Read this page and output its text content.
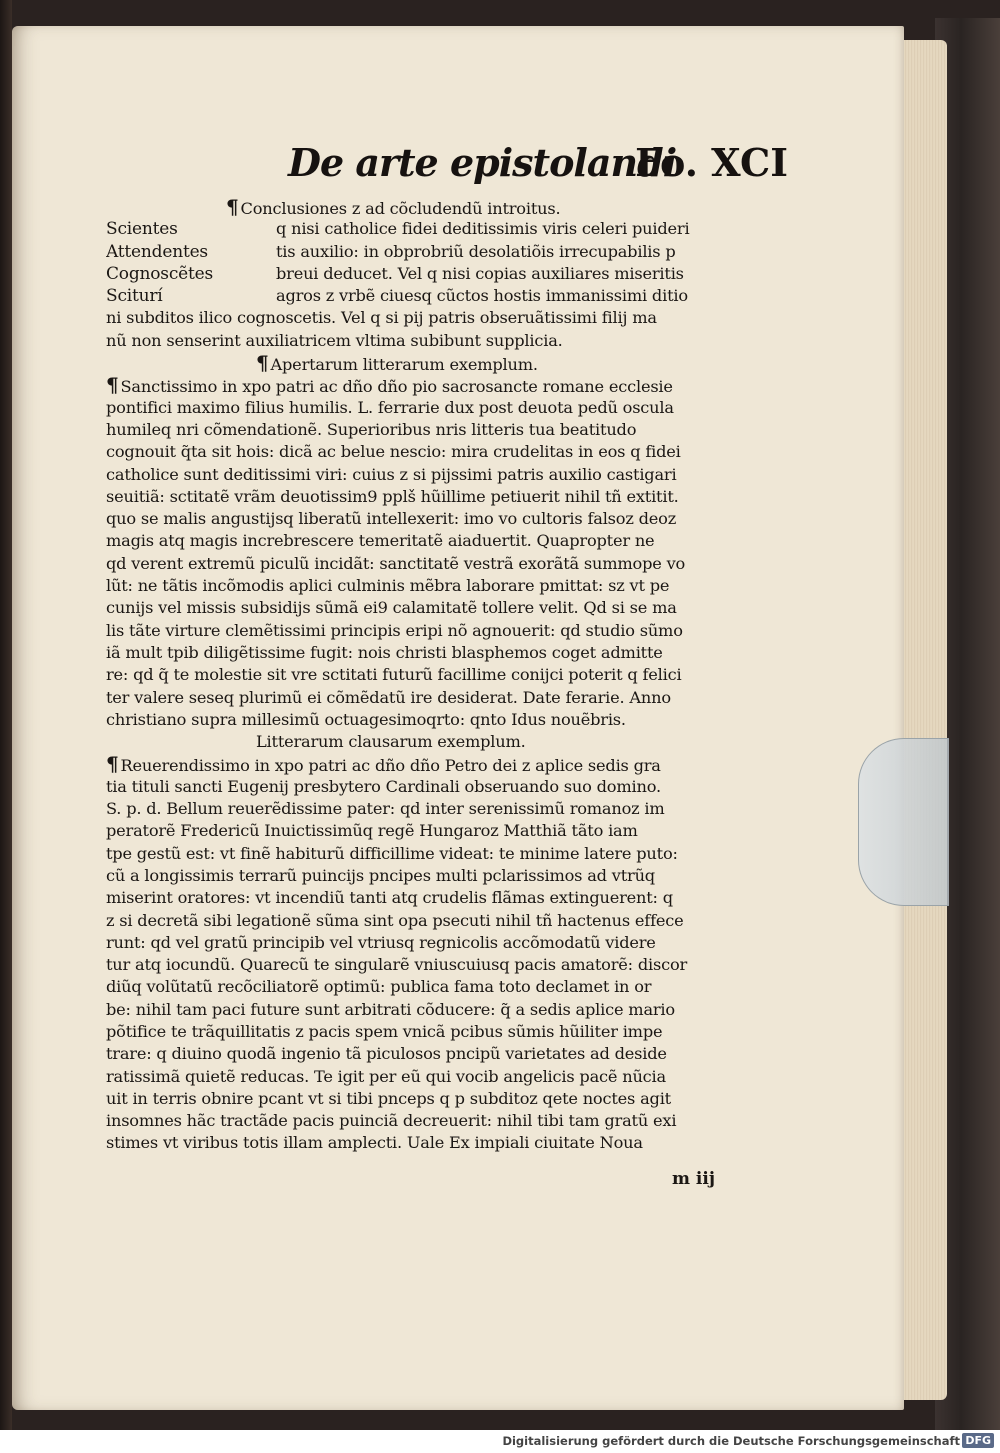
De arte epistolandi
Fo. XCI
¶ Conclusiones z ad cõcludendũ introitus.
Scientes	q nisi catholice fidei deditissimis viris celeri puideri
Attendentes	tis auxilio: in obprobriũ desolatiõis irrecupabilis p
Cognoscẽtes	breui deducet. Vel q nisi copias auxiliares miseritis
Sciturí	agros z vrbẽ ciuesq cũctos hostis immanissimi ditio
ni subditos ilico cognoscetis. Vel q si pij patris obseruãtissimi filij ma
nũ non senserint auxiliatricem vltima subibunt supplicia.
¶ Apertarum litterarum exemplum.
¶ Sanctissimo in xpo patri ac dño dño pio sacrosancte romane ecclesie
pontifici maximo filius humilis. L. ferrarie dux post deuota pedũ oscula
humileq nri cõmendationẽ. Superioribus nris litteris tua beatitudo
cognouit q̃ta sit hois: dicã ac belue nescio: mira crudelitas in eos q fidei
catholice sunt deditissimi viri: cuius z si pijssimi patris auxilio castigari
seuitiã: sctitatẽ vrãm deuotissim9 pplš hũillime petiuerit nihil tñ extitit.
quo se malis angustijsq liberatũ intellexerit: imo vo cultoris falsoz deoz
magis atq magis increbrescere temeritatẽ aiaduertit. Quapropter ne
qd verent extremũ piculũ incidãt: sanctitatẽ vestrã exorãtã summope vo
lũt: ne tãtis incõmodis aplici culminis mẽbra laborare pmittat: sz vt pe
cunijs vel missis subsidijs sũmã ei9 calamitatẽ tollere velit. Qd si se ma
lis tãte virture clemẽtissimi principis eripi nõ agnouerit: qd studio sũmo
iã mult tpib diligẽtissime fugit: nois christi blasphemos coget admitte
re: qd q̃ te molestie sit vre sctitati futurũ facillime conijci poterit q felici
ter valere seseq plurimũ ei cõmẽdatũ ire desiderat. Date ferarie. Anno
christiano supra millesimũ octuagesimoqrto: qnto Idus nouẽbris.
Litterarum clausarum exemplum.
¶ Reuerendissimo in xpo patri ac dño dño Petro dei z aplice sedis gra
tia tituli sancti Eugenij presbytero Cardinali obseruando suo domino.
S. p. d. Bellum reuerẽdissime pater: qd inter serenissimũ romanoz im
peratorẽ Fredericũ Inuictissimũq regẽ Hungaroz Matthiã tãto iam
tpe gestũ est: vt finẽ habiturũ difficillime videat: te minime latere puto:
cũ a longissimis terrarũ puincijs pncipes multi pclarissimos ad vtrũq
miserint oratores: vt incendiũ tanti atq crudelis flãmas extinguerent: q
z si decretã sibi legationẽ sũma sint opa psecuti nihil tñ hactenus effece
runt: qd vel gratũ principib vel vtriusq regnicolis accõmodatũ videre
tur atq iocundũ. Quarecũ te singularẽ vniuscuiusq pacis amatorẽ: discor
diũq volũtatũ recõciliatorẽ optimũ: publica fama toto declamet in or
be: nihil tam paci future sunt arbitrati cõducere: q̃ a sedis aplice mario
põtifice te trãquillitatis z pacis spem vnicã pcibus sũmis hũiliter impe
trare: q diuino quodã ingenio tã piculosos pncipũ varietates ad deside
ratissimã quietẽ reducas. Te igit per eũ qui vocib angelicis pacẽ nũcia
uit in terris obnire pcant vt si tibi pnceps q p subditoz qete noctes agit
insomnes hãc tractãde pacis puinciã decreuerit: nihil tibi tam gratũ exi
stimes vt viribus totis illam amplecti. Uale Ex impiali ciuitate Noua
m iij
Digitalisierung gefördert durch die Deutsche Forschungsgemeinschaft DFG
